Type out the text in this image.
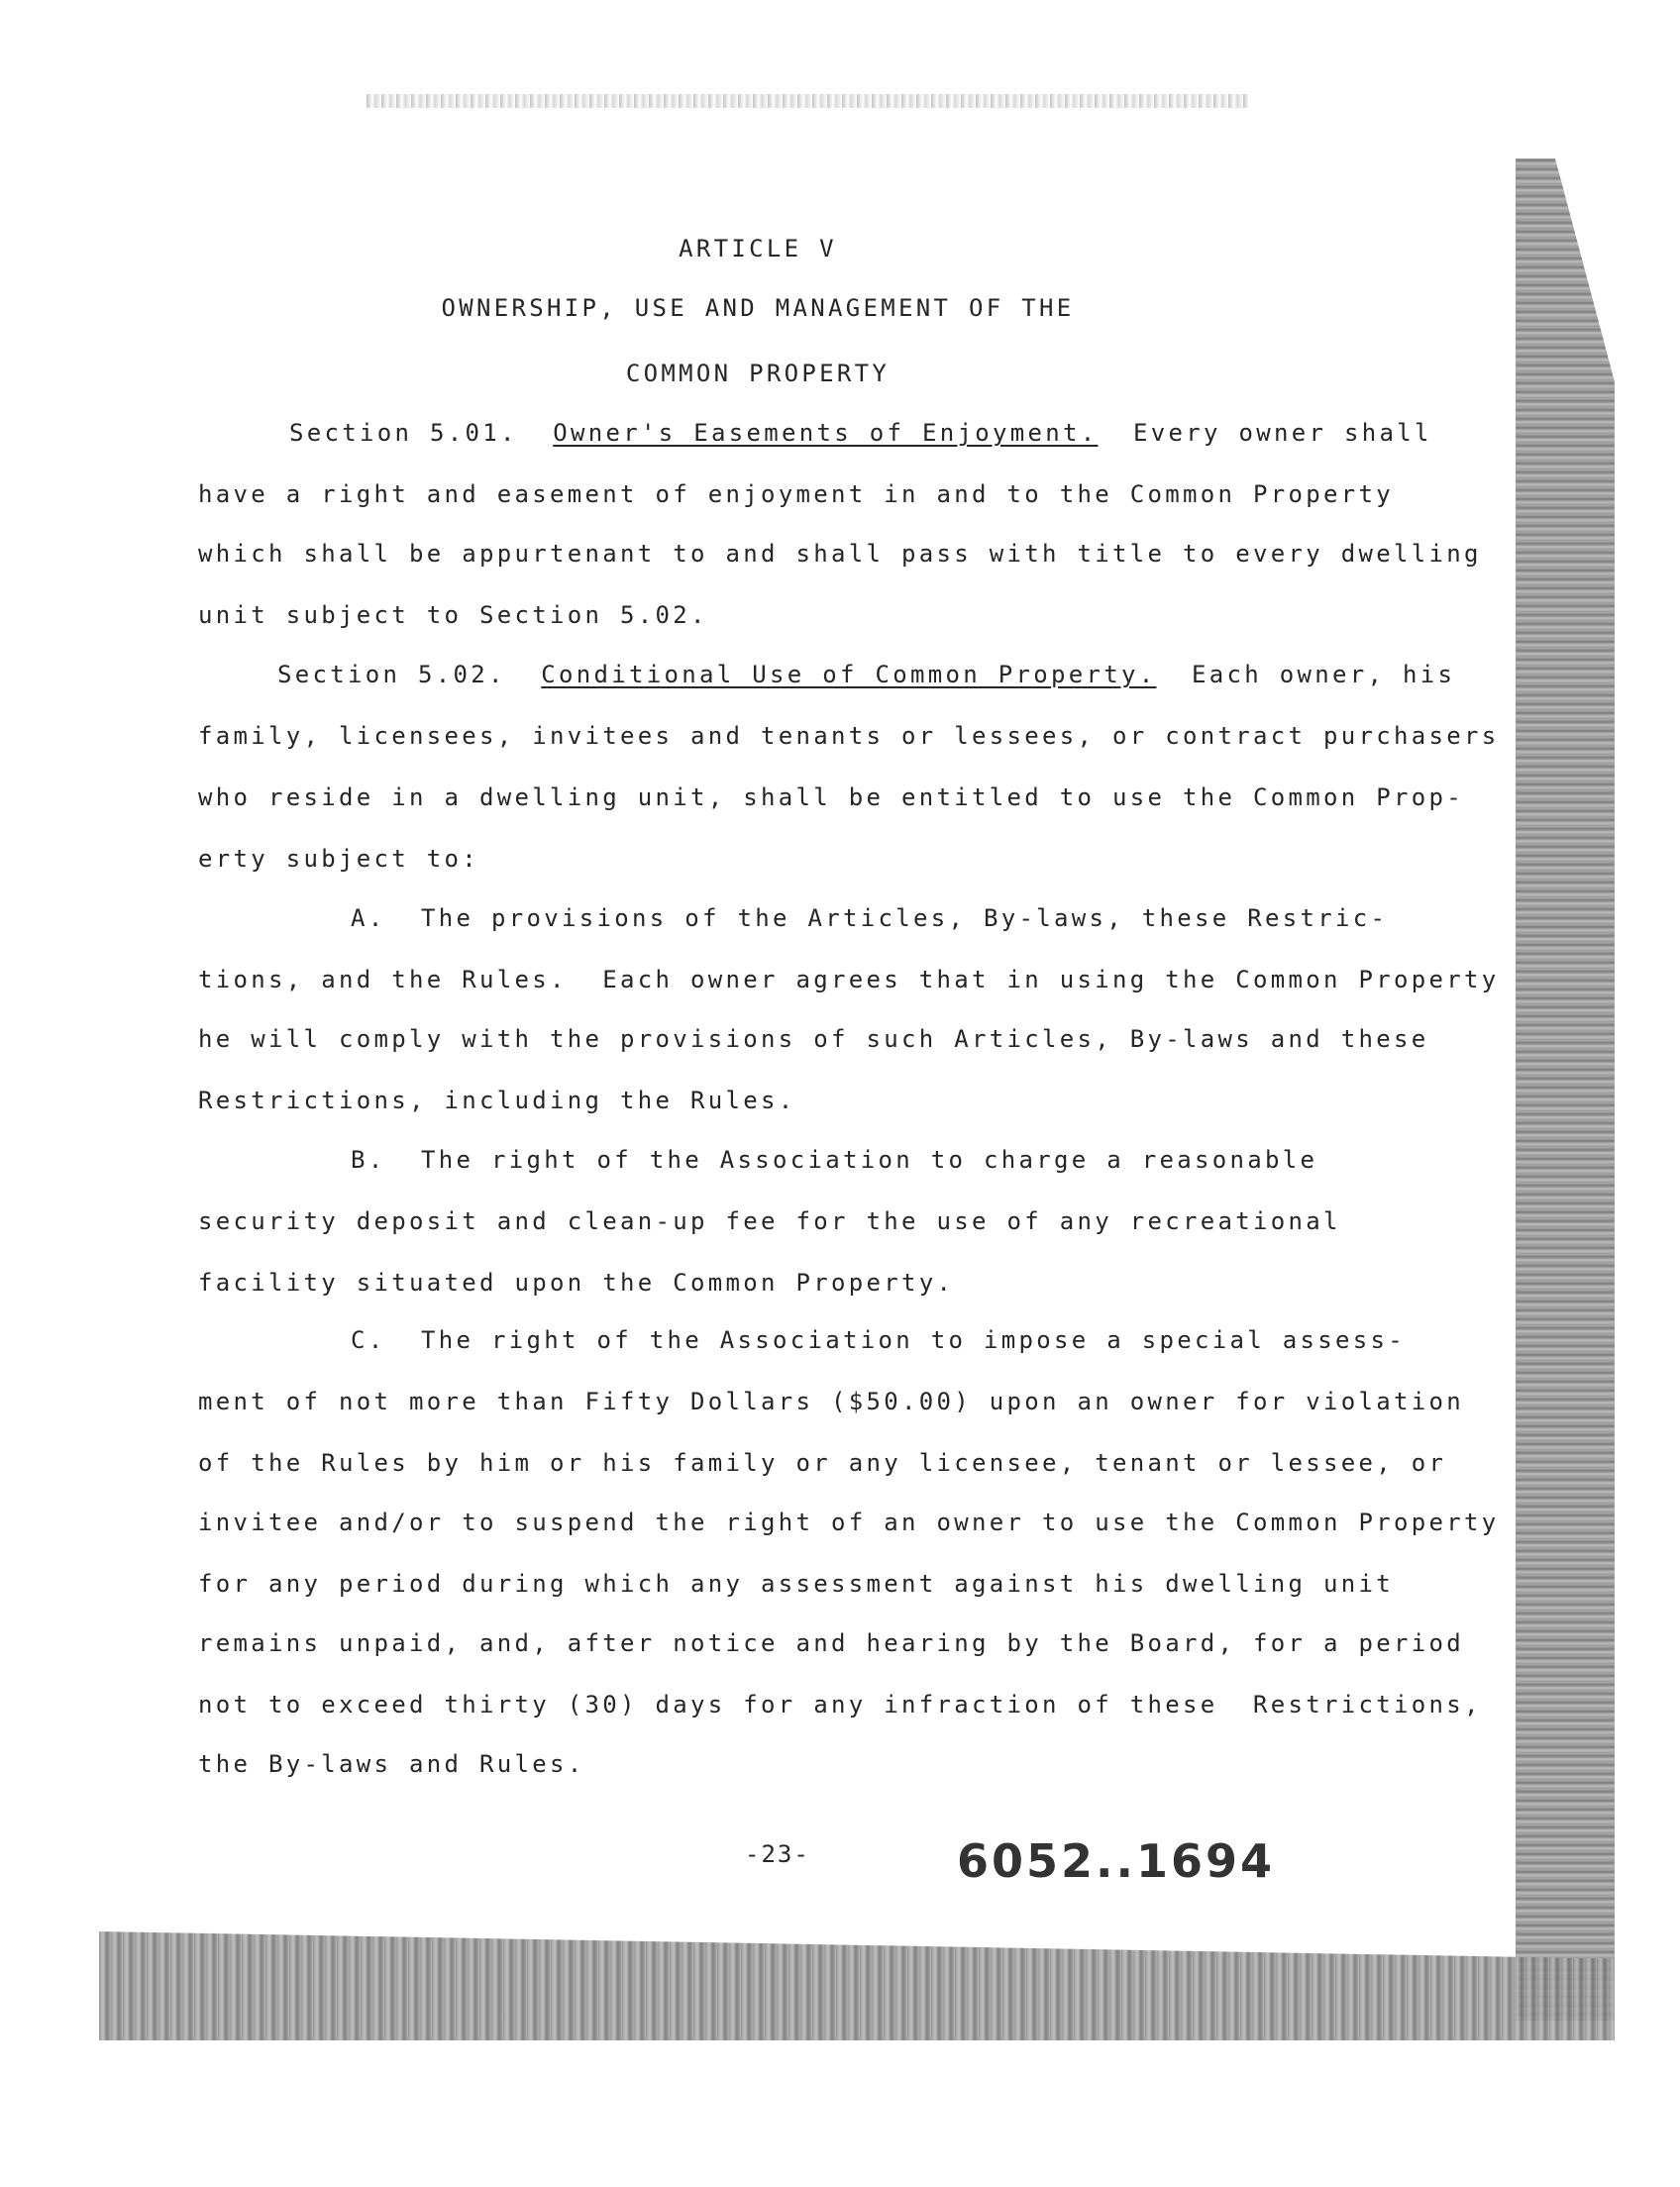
ARTICLE V
OWNERSHIP, USE AND MANAGEMENT OF THE
COMMON PROPERTY
Section 5.01. Owner's Easements of Enjoyment. Every owner shall
have a right and easement of enjoyment in and to the Common Property
which shall be appurtenant to and shall pass with title to every dwelling
unit subject to Section 5.02.
Section 5.02. Conditional Use of Common Property. Each owner, his
family, licensees, invitees and tenants or lessees, or contract purchasers
who reside in a dwelling unit, shall be entitled to use the Common Prop-
erty subject to:
A.  The provisions of the Articles, By-laws, these Restric-
tions, and the Rules.  Each owner agrees that in using the Common Property
he will comply with the provisions of such Articles, By-laws and these
Restrictions, including the Rules.
B.  The right of the Association to charge a reasonable
security deposit and clean-up fee for the use of any recreational
facility situated upon the Common Property.
C.  The right of the Association to impose a special assess-
ment of not more than Fifty Dollars ($50.00) upon an owner for violation
of the Rules by him or his family or any licensee, tenant or lessee, or
invitee and/or to suspend the right of an owner to use the Common Property
for any period during which any assessment against his dwelling unit
remains unpaid, and, after notice and hearing by the Board, for a period
not to exceed thirty (30) days for any infraction of these  Restrictions,
the By-laws and Rules.
-23-	6052..1694
